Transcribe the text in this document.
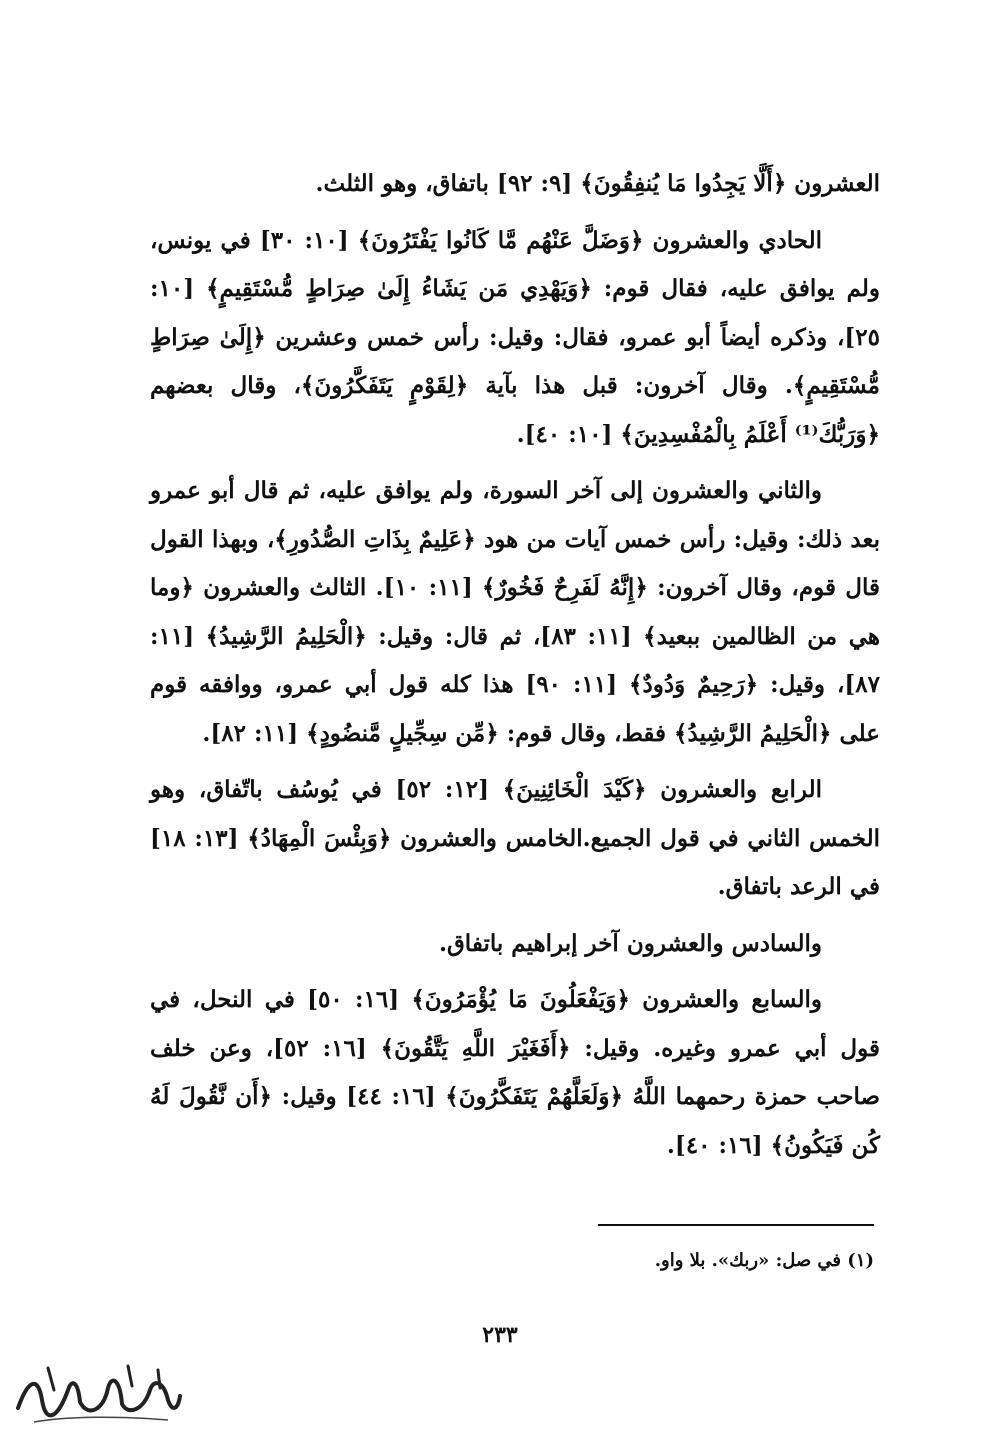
العشرون ﴿أَلَّا يَجِدُوا مَا يُنفِقُونَ﴾ [٩: ٩٢] باتفاق، وهو الثلث.

الحادي والعشرون ﴿وَضَلَّ عَنْهُم مَّا كَانُوا يَفْتَرُونَ﴾ [١٠: ٣٠] في يونس، ولم يوافق عليه، فقال قوم: ﴿وَيَهْدِي مَن يَشَاءُ إِلَىٰ صِرَاطٍ مُّسْتَقِيمٍ﴾ [١٠: ٢٥]، وذكره أيضاً أبو عمرو، فقال: وقيل: رأس خمس وعشرين ﴿إِلَىٰ صِرَاطٍ مُّسْتَقِيمٍ﴾. وقال آخرون: قبل هذا بآية ﴿لِقَوْمٍ يَتَفَكَّرُونَ﴾، وقال بعضهم ﴿وَرَبُّكَ⁽¹⁾ أَعْلَمُ بِالْمُفْسِدِينَ﴾ [١٠: ٤٠].

والثاني والعشرون إلى آخر السورة، ولم يوافق عليه، ثم قال أبو عمرو بعد ذلك: وقيل: رأس خمس آيات من هود ﴿عَلِيمٌ بِذَاتِ الصُّدُورِ﴾، وبهذا القول قال قوم، وقال آخرون: ﴿إِنَّهُ لَفَرِحٌ فَخُورٌ﴾ [١١: ١٠]. الثالث والعشرون ﴿وما هي من الظالمين ببعيد﴾ [١١: ٨٣]، ثم قال: وقيل: ﴿الْحَلِيمُ الرَّشِيدُ﴾ [١١: ٨٧]، وقيل: ﴿رَحِيمٌ وَدُودٌ﴾ [١١: ٩٠] هذا كله قول أبي عمرو، ووافقه قوم على ﴿الْحَلِيمُ الرَّشِيدُ﴾ فقط، وقال قوم: ﴿مِّن سِجِّيلٍ مَّنضُودٍ﴾ [١١: ٨٢].

الرابع والعشرون ﴿كَيْدَ الْخَائِنِينَ﴾ [١٢: ٥٢] في يُوسُف باتّفاق، وهو الخمس الثاني في قول الجميع.الخامس والعشرون ﴿وَبِئْسَ الْمِهَادُ﴾ [١٣: ١٨] في الرعد باتفاق.

والسادس والعشرون آخر إبراهيم باتفاق.

والسابع والعشرون ﴿وَيَفْعَلُونَ مَا يُؤْمَرُونَ﴾ [١٦: ٥٠] في النحل، في قول أبي عمرو وغيره. وقيل: ﴿أَفَغَيْرَ اللَّهِ يَتَّقُونَ﴾ [١٦: ٥٢]، وعن خلف صاحب حمزة رحمهما اللَّهُ ﴿وَلَعَلَّهُمْ يَتَفَكَّرُونَ﴾ [١٦: ٤٤] وقيل: ﴿أَن نَّقُولَ لَهُ كُن فَيَكُونُ﴾ [١٦: ٤٠].

(١) في صل: «ربك». بلا واو.
٢٣٣
